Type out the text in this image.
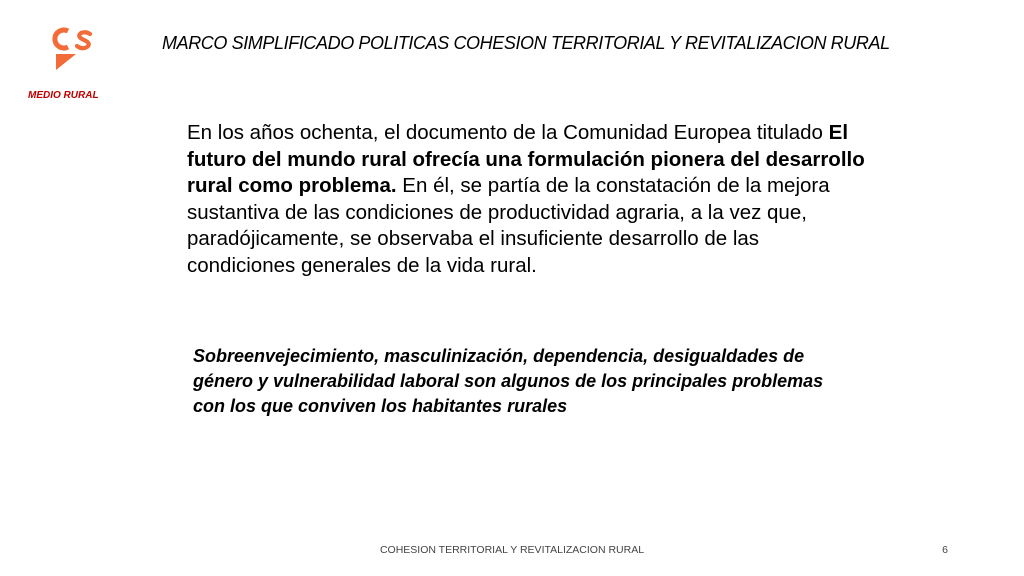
MEDIO RURAL
MARCO SIMPLIFICADO POLITICAS COHESION TERRITORIAL Y REVITALIZACION RURAL
En los años ochenta, el documento de la Comunidad Europea titulado El futuro del mundo rural ofrecía una formulación pionera del desarrollo rural como problema. En él, se partía de la constatación de la mejora sustantiva de las condiciones de productividad agraria, a la vez que, paradójicamente, se observaba el insuficiente desarrollo de las condiciones generales de la vida rural.
Sobreenvejecimiento, masculinización, dependencia, desigualdades de género y vulnerabilidad laboral son algunos de los principales problemas con los que conviven los habitantes rurales
COHESION TERRITORIAL Y REVITALIZACION RURAL	6
